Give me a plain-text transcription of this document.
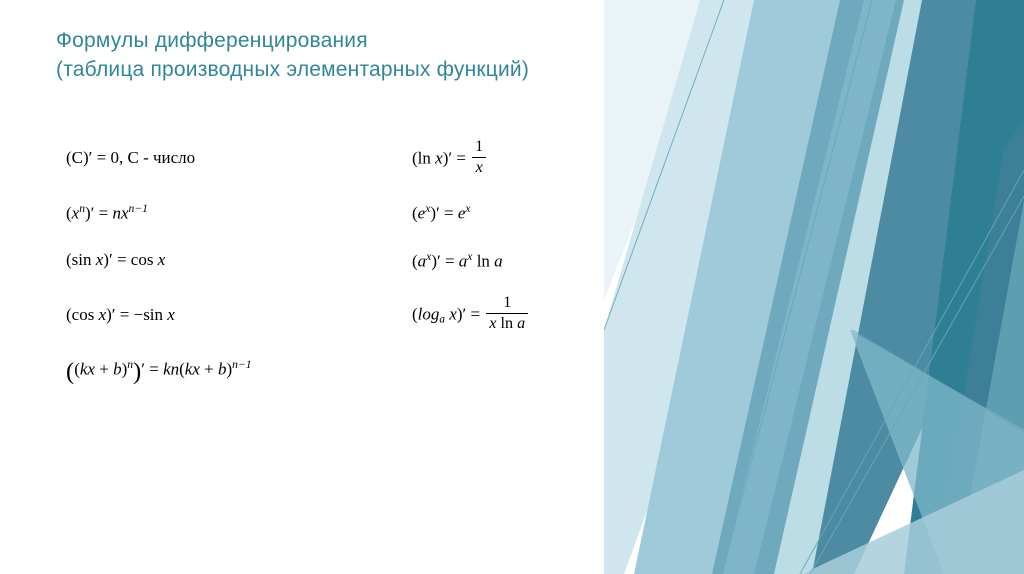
Формулы дифференцирования
(таблица производных элементарных функций)
(C)′ = 0, C - число
$(x^n)' = nx^{n-1}$
(sin x)′ = cos x
(cos x)′ = −sin x
((kx + b)$^n$)′ = kn(kx + b)$^{n-1}$
(ln $x)' = \frac{1}{x}$
$(e^x)' = e^x$
$(a^x)' = a^x$ ln a
($\log_a$ $x)' = \frac{1}{\text{x ln a}}$
